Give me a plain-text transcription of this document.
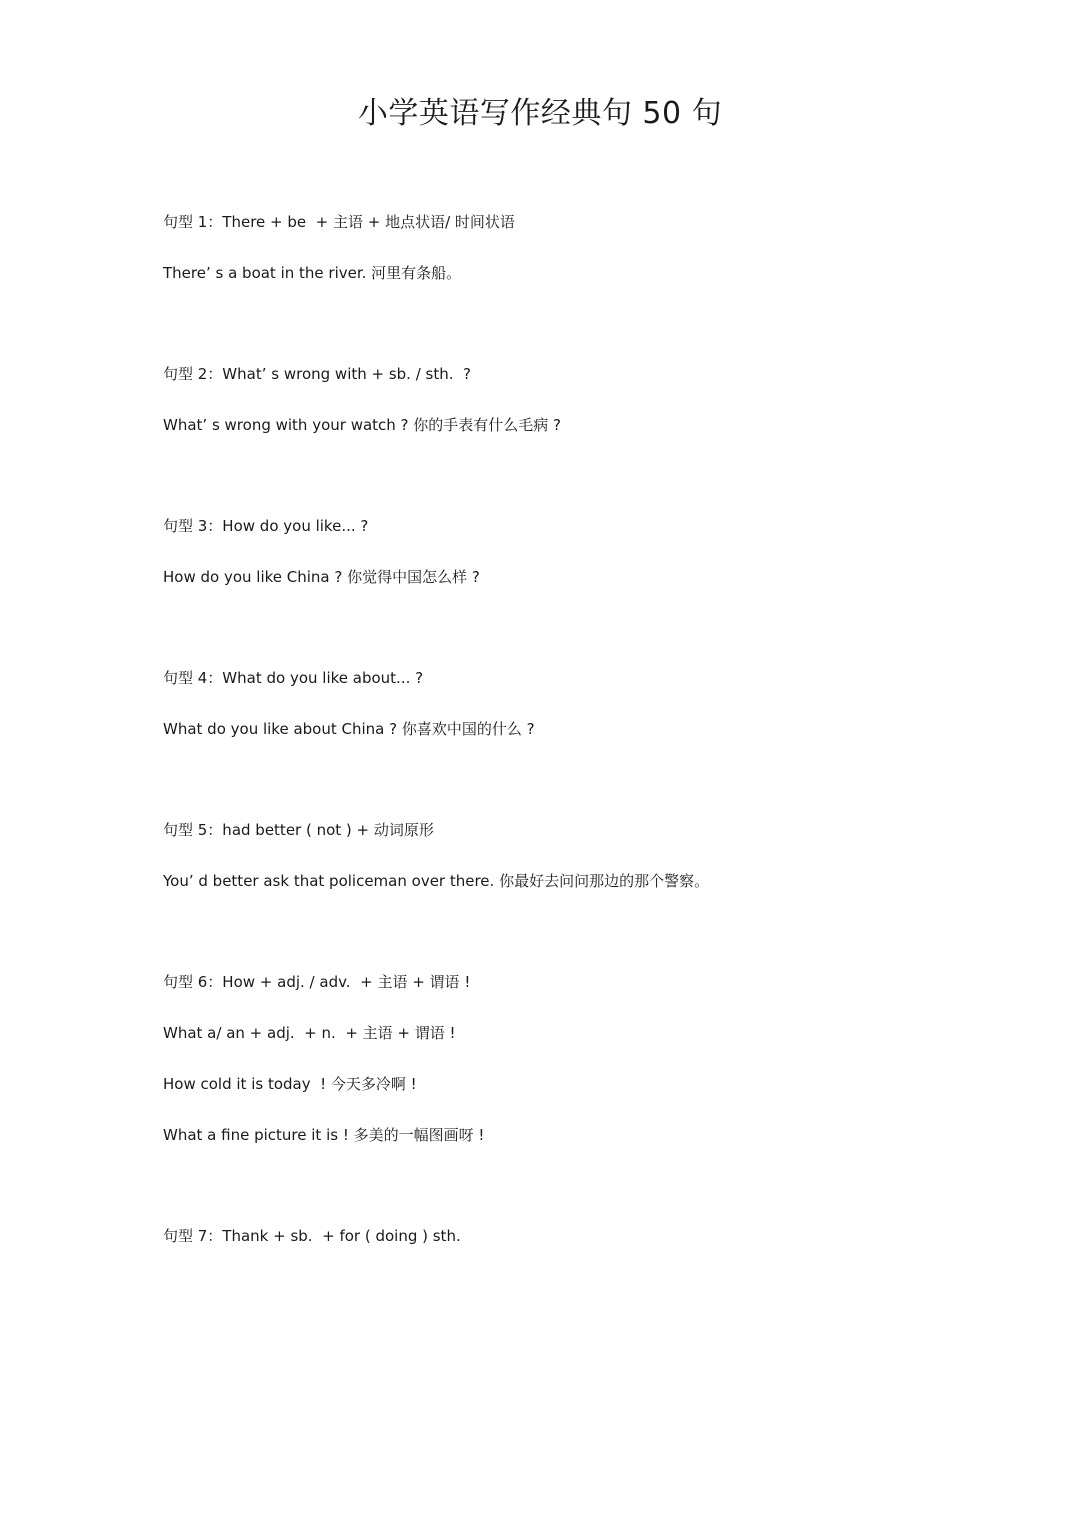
小学英语写作经典句 50 句
句型 1：There + be  + 主语 + 地点状语/ 时间状语
There’ s a boat in the river. 河里有条船。
句型 2：What’ s wrong with + sb. / sth.  ?
What’ s wrong with your watch ? 你的手表有什么毛病 ?
句型 3：How do you like... ?
How do you like China ? 你觉得中国怎么样 ?
句型 4：What do you like about... ?
What do you like about China ? 你喜欢中国的什么 ?
句型 5：had better ( not ) + 动词原形
You’ d better ask that policeman over there. 你最好去问问那边的那个警察。
句型 6：How + adj. / adv.  + 主语 + 谓语 !
What a/ an + adj.  + n.  + 主语 + 谓语 !
How cold it is today  ! 今天多冷啊 !
What a fine picture it is ! 多美的一幅图画呀 !
句型 7：Thank + sb.  + for ( doing ) sth.
